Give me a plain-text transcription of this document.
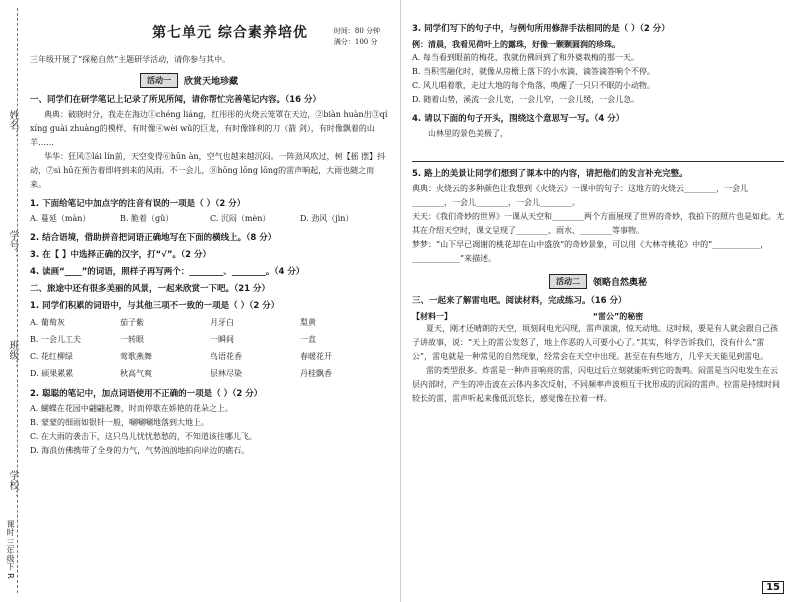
姓名：
学号：
班级：
学校：
课时 三年级下 R
第七单元 综合素养培优
三年级开展了“探秘自然”主题研学活动，请你参与其中。
活动一	欣赏天地珍藏
一、同学们在研学笔记上记录了所见所闻，请你帮忙完善笔记内容。（16 分）
典典：破晓时分，我走在海边①chéng liáng，红彤彤的火烧云笼罩在天边，②biàn huàn出③qí xíng guài zhuàng的模样，有时像④wèi wǔ的巨龙，有时像锋利的刀（箭 剑），有时像飘着的山羊……
华华：狂风⑤lái lín前，天空变得⑥hūn àn，空气也越来越沉闷。一阵劲风吹过，树【摇 摆】抖动，⑦sì hū在预告着即将到来的风雨。不一会儿，⑧hōng lōng lōng的雷声响起，大雨也随之而来。
1. 下面给笔记中加点字的注音有误的一项是（ ）（2 分）
A. 蔓延（màn）	B. 脆着（gǔ）	C. 沉闷（mèn）	D. 劲风（jìn）
2. 结合语境，借助拼音把词语正确地写在下面的横线上。（8 分）
3. 在【 】中选择正确的汉字，打“√”。（2 分）
4. 读画“____”的词语，照样子再写两个：________、________。（4 分）
二、旅途中还有很多美丽的风景，一起来欣赏一下吧。（21 分）
1. 同学们积累的词语中，与其他三项不一致的一项是（ ）（2 分）
A. 葡萄灰	茄子紫	月牙白	梨黄
B. 一会儿工夫	一转眼	一瞬间	一直
C. 花红柳绿	莺歌燕舞	鸟语花香	春暖花开
D. 硕果累累	秋高气爽	层林尽染	丹桂飘香
2. 聪聪的笔记中，加点词语使用不正确的一项是（ ）（2 分）
A. 蝴蝶在花园中翩翩起舞，时而停歇在娇艳的花朵之上。
B. 蒙蒙的细雨如银针一般，唰唰唰地落到大地上。
C. 在大雨的袭击下，这只鸟儿忧忧愁愁的，不知道该往哪儿飞。
D. 海浪仿佛携带了全身的力气，气势汹汹地拍向岸边的礁石。
时间：80 分钟
满分：100 分
3. 同学们写下的句子中，与例句所用修辞手法相同的是（ ）（2 分）
例：清晨，我看见荷叶上的露珠，好像一颗颗圆润的珍珠。
A. 每当看到眼前的梅花，我就仿佛回到了和外婆栽梅的那一天。
B. 当积雪融化时，就像从房檐上落下的小水滴，滴答滴答响个不停。
C. 风儿唱着歌，走过大地的每个角落，唤醒了一只只不眠的小动物。
D. 随着山势，溪流一会儿宽，一会儿窄，一会儿缓，一会儿急。
4. 请以下面的句子开头，围绕这个意思写一写。（4 分）
山林里的景色美极了，
5. 路上的美景让同学们想到了课本中的内容，请把他们的发言补充完整。
典典：火烧云的多种颜色让我想到《火烧云》一课中的句子：这地方的火烧云________，一会儿________，一会儿________，一会儿________。
天天：《我们奇妙的世界》一课从天空和________两个方面展现了世界的奇妙，我拍下的照片也是如此。尤其在介绍天空时，课文呈现了________、雨水、________等事物。
梦梦：“山下早已凋谢的桃花却在山中盛放”的奇妙景象，可以用《大林寺桃花》中的“____________，____________”来描述。
活动二	领略自然奥秘
三、一起来了解雷电吧。阅读材料，完成练习。（16 分）
【材料一】	“雷公”的秘密
夏天，刚才还晴朗的天空，顷刻间电光闪现，雷声滚滚，惊天动地。这时候，要是有人就会跟自己孩子讲故事，说：“天上的雷公发怒了，地上作恶的人可要小心了。”其实，科学告诉我们，没有什么“雷公”，雷电就是一种常见的自然现象，经常会在天空中出现。甚至在有些地方，几乎天天能见到雷电。
雷的类型很多。炸雷是一种声音响亮的雷，闪电过后立刻就能听到它的轰鸣。闷雷是当闪电发生在云层内部时，产生的冲击波在云体内多次反射，不同频率声波相互干扰形成的沉闷的雷声。拉雷是持续时间较长的雷，雷声听起来像低沉悠长，感觉像在拉着一样。
15
